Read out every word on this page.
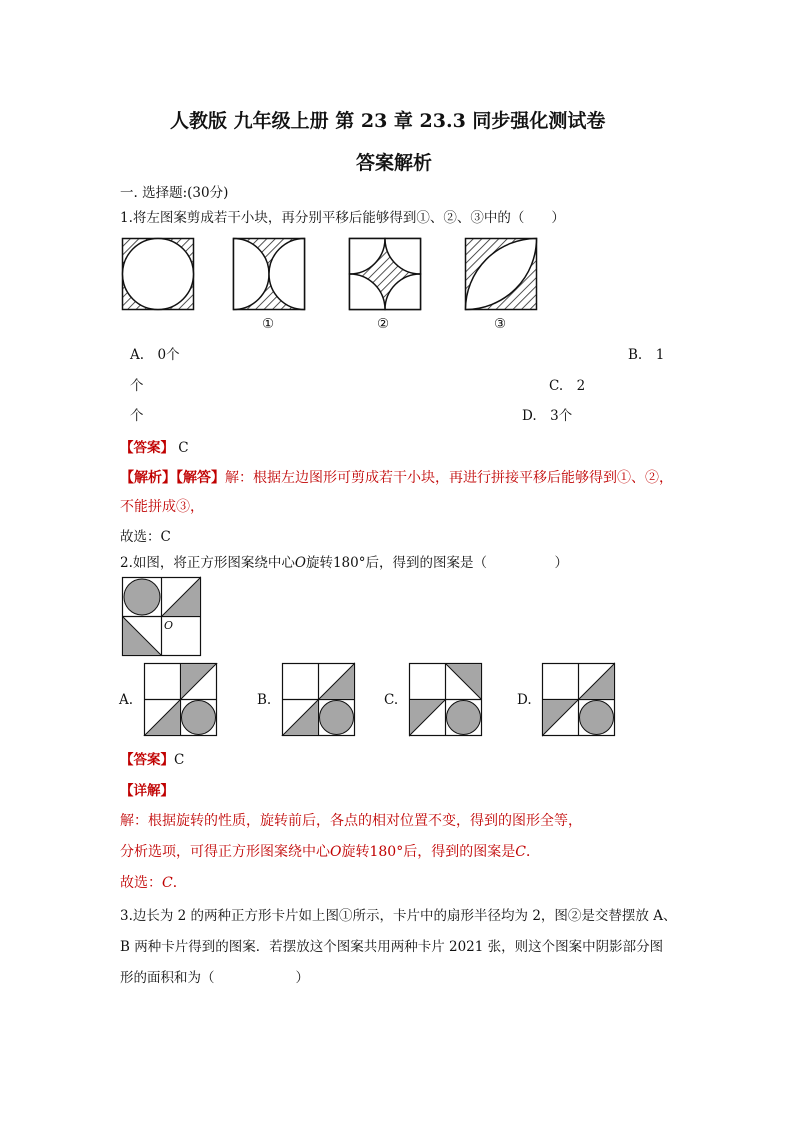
人教版 九年级上册 第 23 章 23.3 同步强化测试卷
答案解析
一. 选择题:(30分)
1.将左图案剪成若干小块，再分别平移后能够得到①、②、③中的（　　）
①	②	③
A.　0个	B.　1
个	C.　2
个	D.　3个
【答案】 C
【解析】【解答】解：根据左边图形可剪成若干小块，再进行拼接平移后能够得到①、②，
不能拼成③，
故选：C
2.如图，将正方形图案绕中心O旋转180°后，得到的图案是（　　　　　）
O
A.	B.	C.	D.
【答案】C
【详解】
解：根据旋转的性质，旋转前后，各点的相对位置不变，得到的图形全等，
分析选项，可得正方形图案绕中心O旋转180°后，得到的图案是C．
故选：C．
3.边长为 2 的两种正方形卡片如上图①所示，卡片中的扇形半径均为 2，图②是交替摆放 A、
B 两种卡片得到的图案．若摆放这个图案共用两种卡片 2021 张，则这个图案中阴影部分图
形的面积和为（　　　　　　）
